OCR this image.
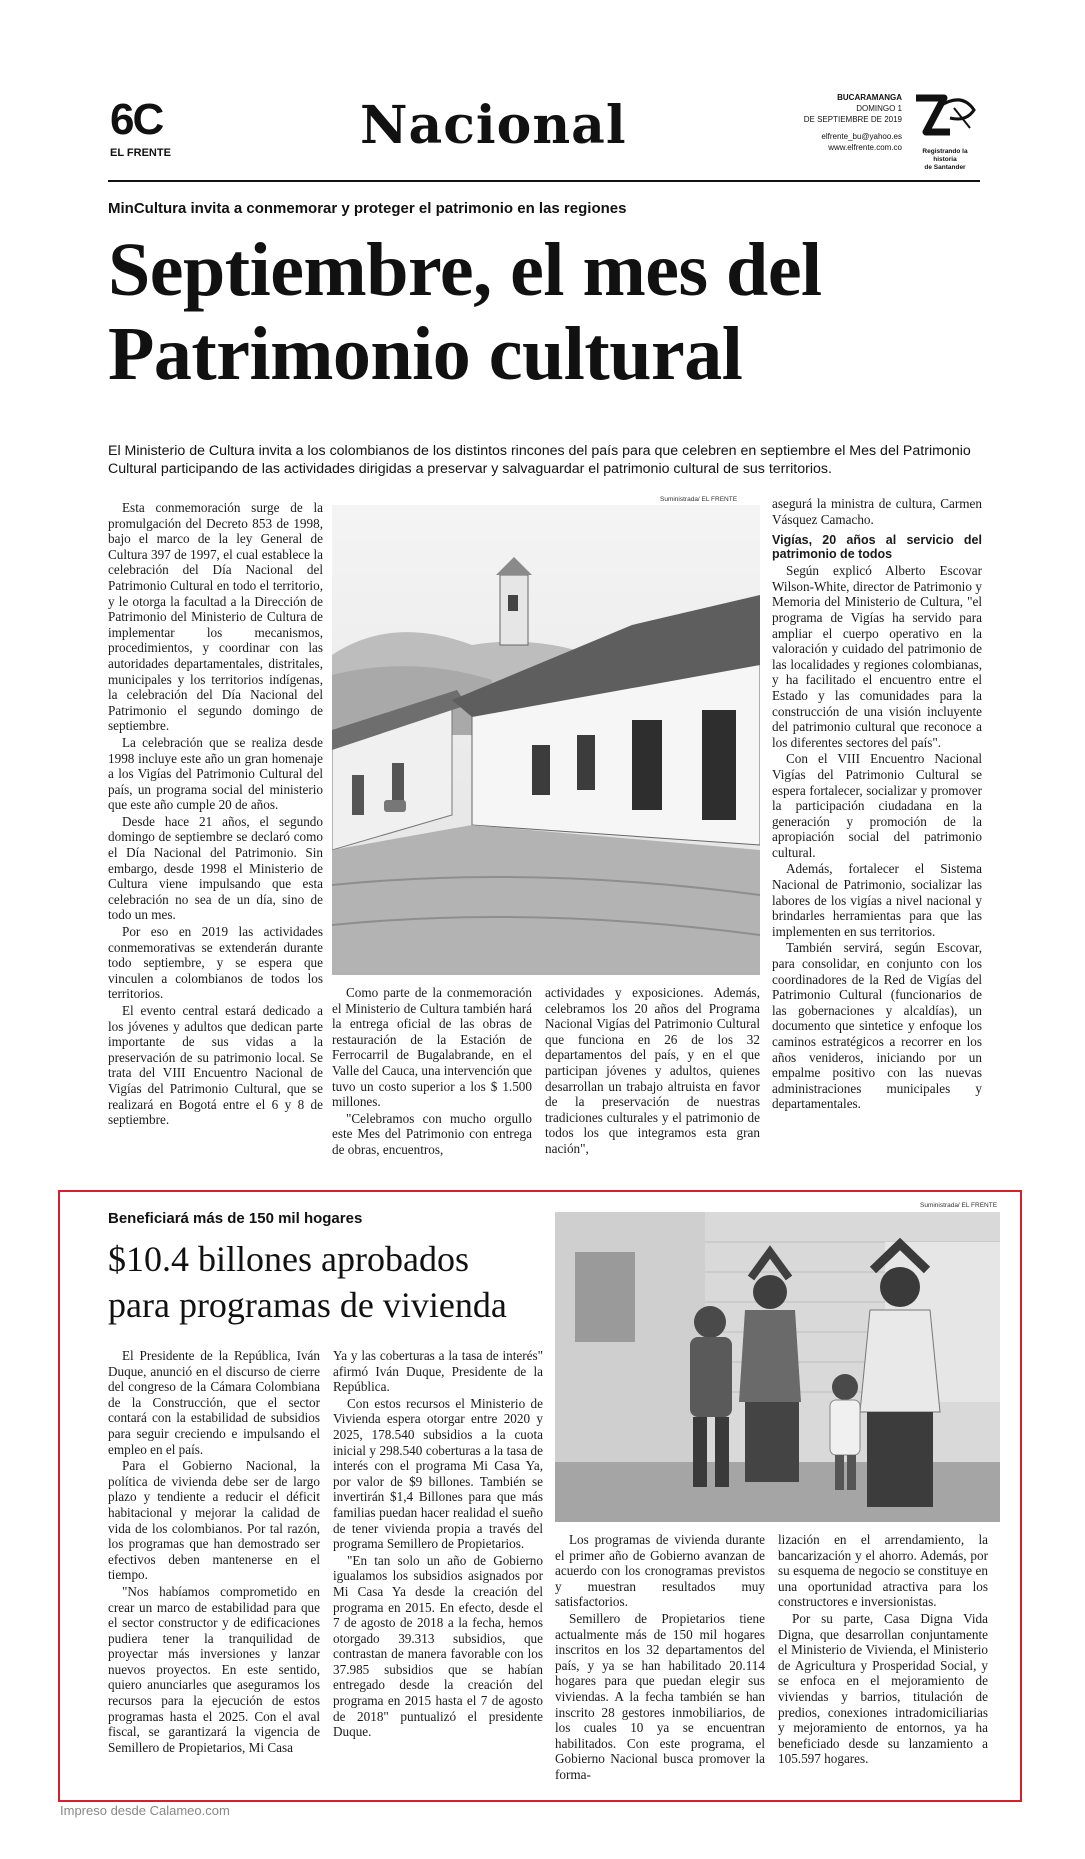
6C
EL FRENTE	Nacional	BUCARAMANGA
DOMINGO 1
DE SEPTIEMBRE DE 2019
elfrente_bu@yahoo.es
www.elfrente.com.co	Registrando la historia
de Santander
MinCultura invita a conmemorar y proteger el patrimonio en las regiones
Septiembre, el mes del
Patrimonio cultural
El Ministerio de Cultura invita a los colombianos de los distintos rincones del país para que celebren en septiembre el Mes del Patrimonio Cultural participando de las actividades dirigidas a preservar y salvaguardar el patrimonio cultural de sus territorios.

Esta conmemoración surge de la promulgación del Decreto 853 de 1998, bajo el marco de la ley General de Cultura 397 de 1997, el cual establece la celebración del Día Nacional del Patrimonio Cultural en todo el territorio, y le otorga la facultad a la Dirección de Patrimonio del Ministerio de Cultura de implementar los mecanismos, procedimientos, y coordinar con las autoridades departamentales, distritales, municipales y los territorios indígenas, la celebración del Día Nacional del Patrimonio el segundo domingo de septiembre.

La celebración que se realiza desde 1998 incluye este año un gran homenaje a los Vigías del Patrimonio Cultural del país, un programa social del ministerio que este año cumple 20 de años.

Desde hace 21 años, el segundo domingo de septiembre se declaró como el Día Nacional del Patrimonio. Sin embargo, desde 1998 el Ministerio de Cultura viene impulsando que esta celebración no sea de un día, sino de todo un mes.

Por eso en 2019 las actividades conmemorativas se extenderán durante todo septiembre, y se espera que vinculen a colombianos de todos los territorios.

El evento central estará dedicado a los jóvenes y adultos que dedican parte importante de sus vidas a la preservación de su patrimonio local. Se trata del VIII Encuentro Nacional de Vigías del Patrimonio Cultural, que se realizará en Bogotá entre el 6 y 8 de septiembre.

Suministrada/ EL FRENTE

Como parte de la conmemoración el Ministerio de Cultura también hará la entrega oficial de las obras de restauración de la Estación de Ferrocarril de Bugalabrande, en el Valle del Cauca, una intervención que tuvo un costo superior a los $ 1.500 millones.

"Celebramos con mucho orgullo este Mes del Patrimonio con entrega de obras, encuentros,

actividades y exposiciones. Además, celebramos los 20 años del Programa Nacional Vigías del Patrimonio Cultural que funciona en 26 de los 32 departamentos del país, y en el que participan jóvenes y adultos, quienes desarrollan un trabajo altruista en favor de la preservación de nuestras tradiciones culturales y el patrimonio de todos los que integramos esta gran nación",

asegurá la ministra de cultura, Carmen Vásquez Camacho.

Vigías, 20 años al servicio del patrimonio de todos

Según explicó Alberto Escovar Wilson-White, director de Patrimonio y Memoria del Ministerio de Cultura, "el programa de Vigías ha servido para ampliar el cuerpo operativo en la valoración y cuidado del patrimonio de las localidades y regiones colombianas, y ha facilitado el encuentro entre el Estado y las comunidades para la construcción de una visión incluyente del patrimonio cultural que reconoce a los diferentes sectores del país".

Con el VIII Encuentro Nacional Vigías del Patrimonio Cultural se espera fortalecer, socializar y promover la participación ciudadana en la generación y promoción de la apropiación social del patrimonio cultural.

Además, fortalecer el Sistema Nacional de Patrimonio, socializar las labores de los vigías a nivel nacional y brindarles herramientas para que las implementen en sus territorios.

También servirá, según Escovar, para consolidar, en conjunto con los coordinadores de la Red de Vigías del Patrimonio Cultural (funcionarios de las gobernaciones y alcaldías), un documento que sintetice y enfoque los caminos estratégicos a recorrer en los años venideros, iniciando por un empalme positivo con las nuevas administraciones municipales y departamentales.

Beneficiará más de 150 mil hogares
$10.4 billones aprobados
para programas de vivienda

El Presidente de la República, Iván Duque, anunció en el discurso de cierre del congreso de la Cámara Colombiana de la Construcción, que el sector contará con la estabilidad de subsidios para seguir creciendo e impulsando el empleo en el país.

Para el Gobierno Nacional, la política de vivienda debe ser de largo plazo y tendiente a reducir el déficit habitacional y mejorar la calidad de vida de los colombianos. Por tal razón, los programas que han demostrado ser efectivos deben mantenerse en el tiempo.

"Nos habíamos comprometido en crear un marco de estabilidad para que el sector constructor y de edificaciones pudiera tener la tranquilidad de proyectar más inversiones y lanzar nuevos proyectos. En este sentido, quiero anunciarles que aseguramos los recursos para la ejecución de estos programas hasta el 2025. Con el aval fiscal, se garantizará la vigencia de Semillero de Propietarios, Mi Casa

Ya y las coberturas a la tasa de interés" afirmó Iván Duque, Presidente de la República.

Con estos recursos el Ministerio de Vivienda espera otorgar entre 2020 y 2025, 178.540 subsidios a la cuota inicial y 298.540 coberturas a la tasa de interés con el programa Mi Casa Ya, por valor de $9 billones. También se invertirán $1,4 Billones para que más familias puedan hacer realidad el sueño de tener vivienda propia a través del programa Semillero de Propietarios.

"En tan solo un año de Gobierno igualamos los subsidios asignados por Mi Casa Ya desde la creación del programa en 2015. En efecto, desde el 7 de agosto de 2018 a la fecha, hemos otorgado 39.313 subsidios, que contrastan de manera favorable con los 37.985 subsidios que se habían entregado desde la creación del programa en 2015 hasta el 7 de agosto de 2018" puntualizó el presidente Duque.

Suministrada/ EL FRENTE

Los programas de vivienda durante el primer año de Gobierno avanzan de acuerdo con los cronogramas previstos y muestran resultados muy satisfactorios.

Semillero de Propietarios tiene actualmente más de 150 mil hogares inscritos en los 32 departamentos del país, y ya se han habilitado 20.114 hogares para que puedan elegir sus viviendas. A la fecha también se han inscrito 28 gestores inmobiliarios, de los cuales 10 ya se encuentran habilitados. Con este programa, el Gobierno Nacional busca promover la forma-

lización en el arrendamiento, la bancarización y el ahorro. Además, por su esquema de negocio se constituye en una oportunidad atractiva para los constructores e inversionistas.

Por su parte, Casa Digna Vida Digna, que desarrollan conjuntamente el Ministerio de Vivienda, el Ministerio de Agricultura y Prosperidad Social, y se enfoca en el mejoramiento de viviendas y barrios, titulación de predios, conexiones intradomiciliarias y mejoramiento de entornos, ya ha beneficiado desde su lanzamiento a 105.597 hogares.

Impreso desde Calameo.com
